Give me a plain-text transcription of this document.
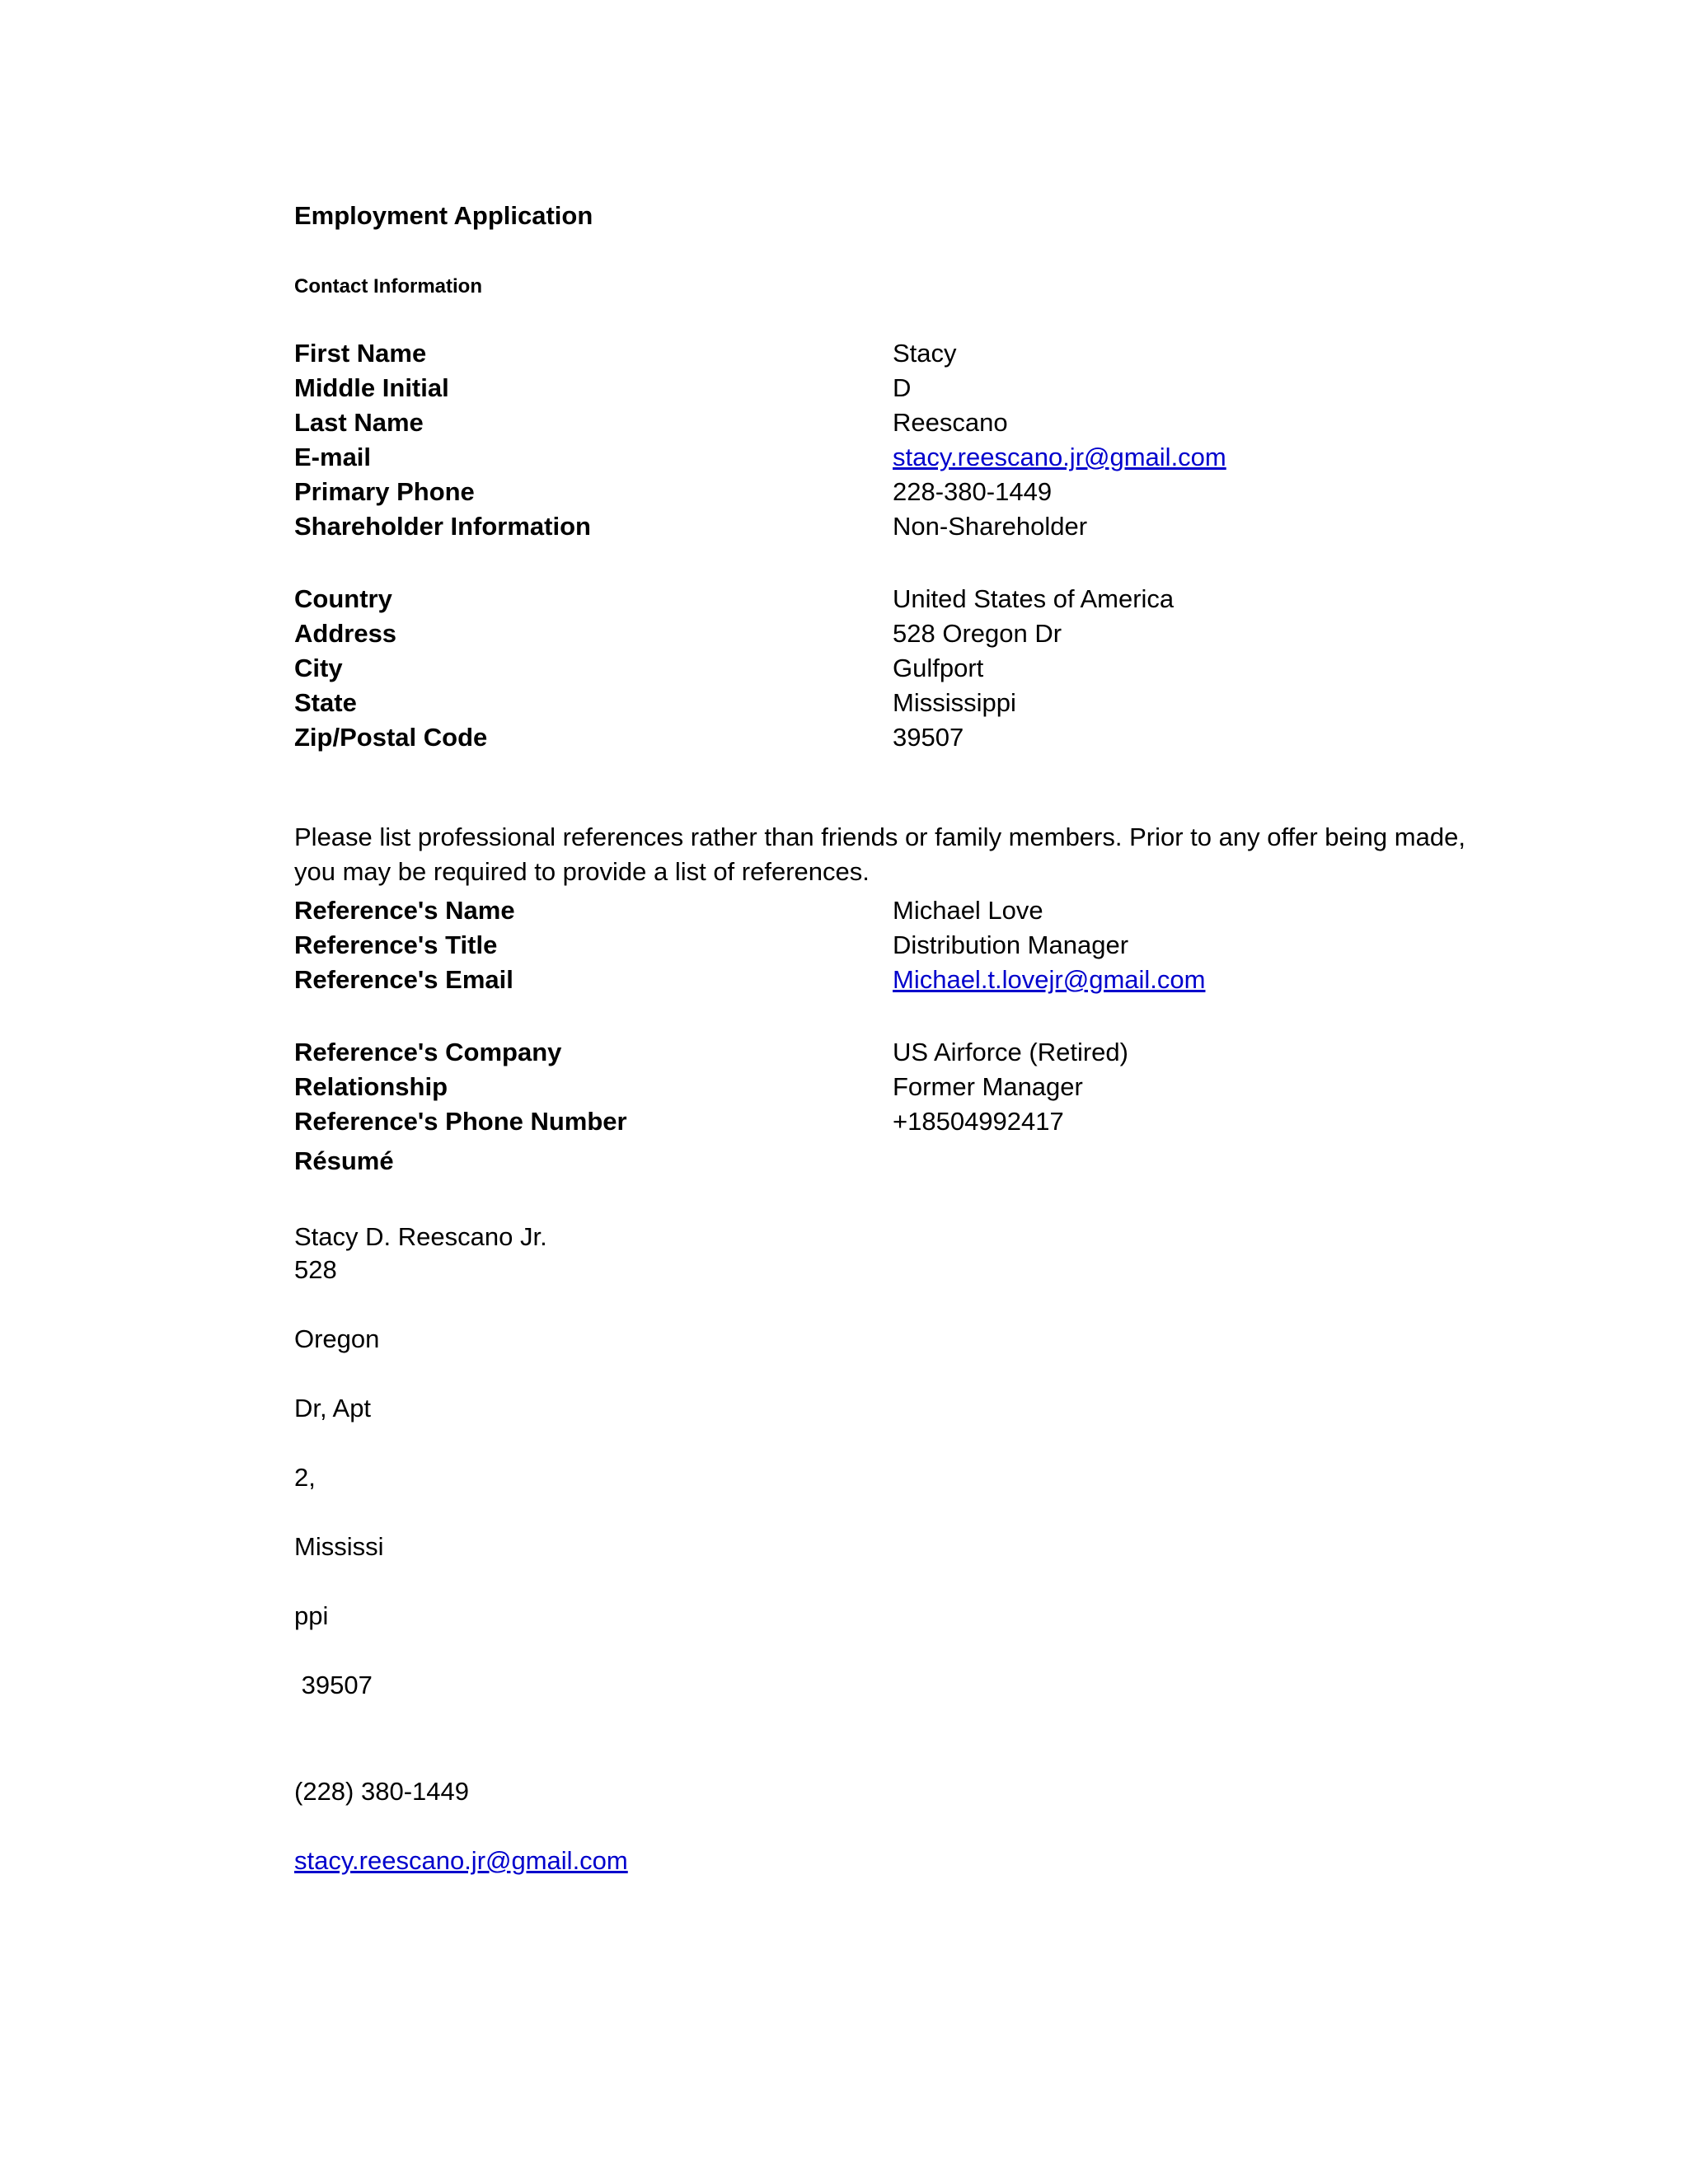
Employment Application
Contact Information
First Name	Stacy
Middle Initial	D
Last Name	Reescano
E-mail	stacy.reescano.jr@gmail.com
Primary Phone	228-380-1449
Shareholder Information	Non-Shareholder
Country	United States of America
Address	528 Oregon Dr
City	Gulfport
State	Mississippi
Zip/Postal Code	39507
Please list professional references rather than friends or family members. Prior to any offer being made,
you may be required to provide a list of references.
Reference's Name	Michael Love
Reference's Title	Distribution Manager
Reference's Email	Michael.t.lovejr@gmail.com
Reference's Company	US Airforce (Retired)
Relationship	Former Manager
Reference's Phone Number	+18504992417
Résumé
Stacy D. Reescano Jr.
528
Oregon
Dr, Apt
2,
Mississi
ppi
39507
(228) 380-1449
stacy.reescano.jr@gmail.com
